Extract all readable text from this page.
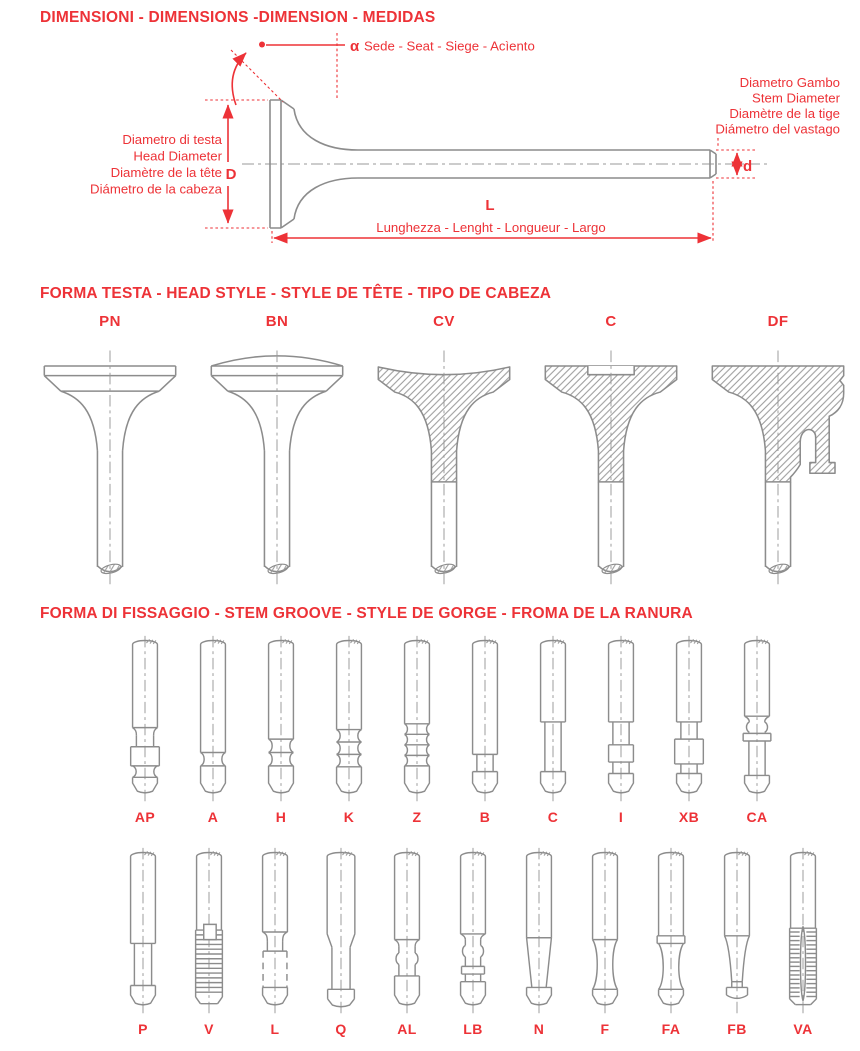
DIMENSIONI - DIMENSIONS -DIMENSION - MEDIDAS
α Sede - Seat - Siege - Acìento
D
Diametro di testa
Head Diameter
Diamètre de la tête
Diámetro de la cabeza
d
Diametro Gambo
Stem Diameter
Diamètre de la tige
Diámetro del vastago
L
Lunghezza - Lenght - Longueur - Largo
FORMA TESTA - HEAD STYLE - STYLE DE TÊTE - TIPO DE CABEZA
PN	BN	CV	C	DF
FORMA DI FISSAGGIO - STEM GROOVE - STYLE DE GORGE - FROMA DE LA RANURA
AP	A	H	K	Z	B	C	I	XB	CA
P	V	L	Q	AL	LB	N	F	FA	FB	VA
